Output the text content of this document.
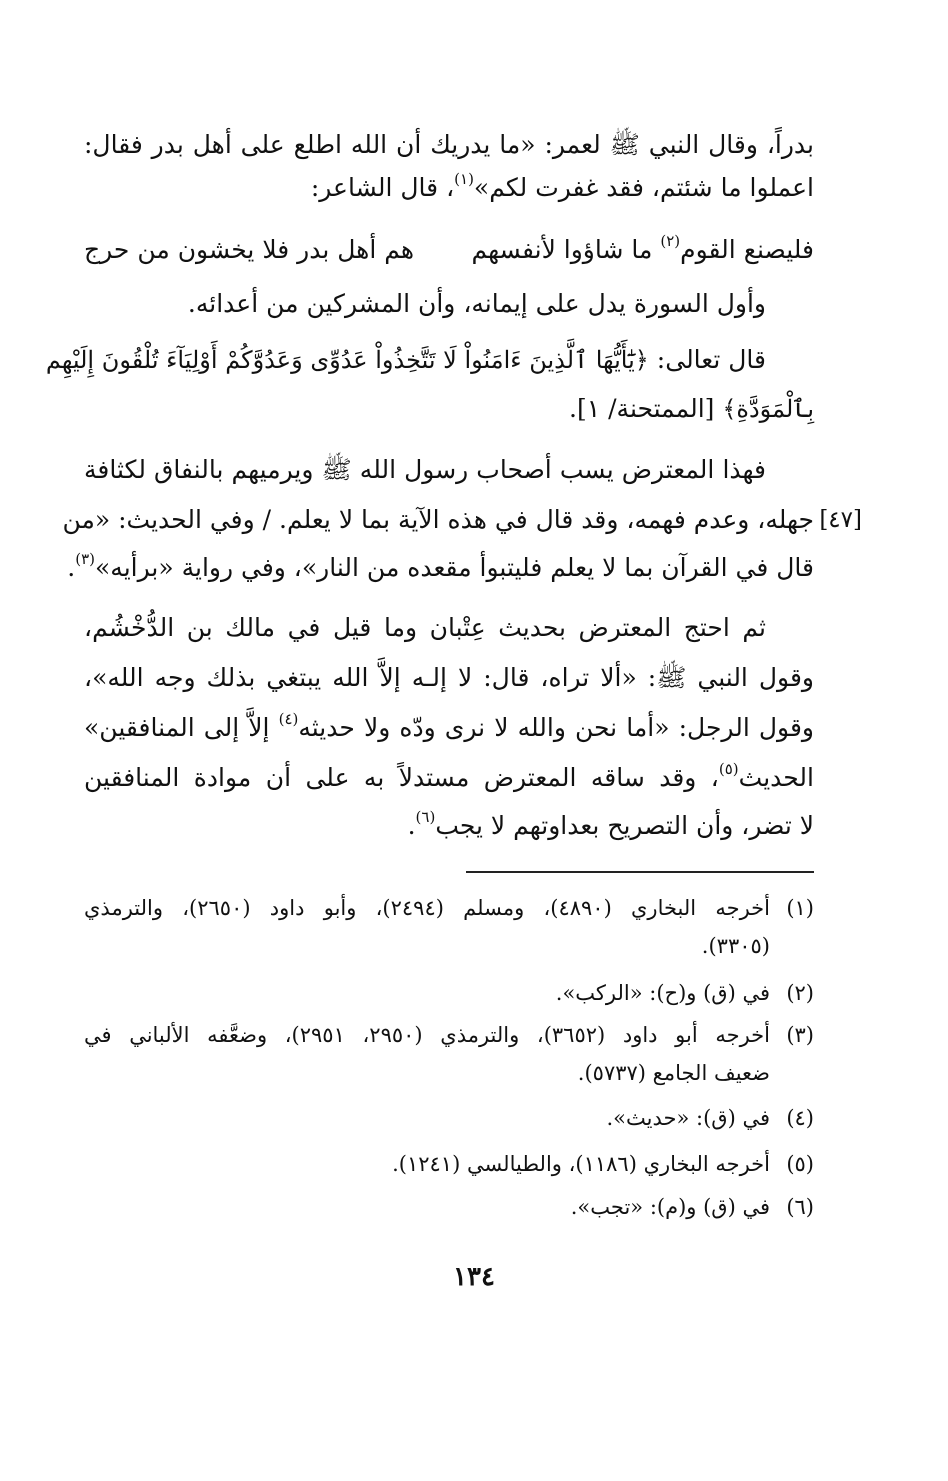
بدراً، وقال النبي ﷺ لعمر: «ما يدريك أن الله اطلع على أهل بدر فقال:
اعملوا ما شئتم، فقد غفرت لكم»$^{(١)}$، قال الشاعر:
فليصنع القوم$^{(٢)}$ ما شاؤوا لأنفسهم
هم أهل بدر فلا يخشون من حرج
وأول السورة يدل على إيمانه، وأن المشركين من أعدائه.
قال تعالى: ﴿يَٰٓأَيُّهَا ٱلَّذِينَ ءَامَنُواْ لَا تَتَّخِذُواْ عَدُوِّى وَعَدُوَّكُمْ أَوْلِيَآءَ تُلْقُونَ إِلَيْهِم
بِٱلْمَوَدَّةِ﴾ [الممتحنة/ ١].
فهذا المعترض يسب أصحاب رسول الله ﷺ ويرميهم بالنفاق لكثافة
جهله، وعدم فهمه، وقد قال في هذه الآية بما لا يعلم. / وفي الحديث: «من [٤٧]
قال في القرآن بما لا يعلم فليتبوأ مقعده من النار»، وفي رواية «برأيه»$^{(٣)}$.
ثم احتج المعترض بحديث عِتْبان وما قيل في مالك بن الدُّخْشُم،
وقول النبي ﷺ: «ألا تراه، قال: لا إلـه إلاَّ الله يبتغي بذلك وجه الله»،
وقول الرجل: «أما نحن والله لا نرى ودّه ولا حديثه$^{(٤)}$ إلاَّ إلى المنافقين»
الحديث$^{(٥)}$، وقد ساقه المعترض مستدلاً به على أن موادة المنافقين
لا تضر، وأن التصريح بعداوتهم لا يجب$^{(٦)}$.
(١)
أخرجه البخاري (٤٨٩٠)، ومسلم (٢٤٩٤)، وأبو داود (٢٦٥٠)، والترمذي
(٣٣٠٥).
(٢)
في (ق) و(ح): «الركب».
(٣)
أخرجه أبو داود (٣٦٥٢)، والترمذي (٢٩٥٠، ٢٩٥١)، وضعَّفه الألباني في
ضعيف الجامع (٥٧٣٧).
(٤)
في (ق): «حديث».
(٥)
أخرجه البخاري (١١٨٦)، والطيالسي (١٢٤١).
(٦)
في (ق) و(م): «تجب».
١٣٤
